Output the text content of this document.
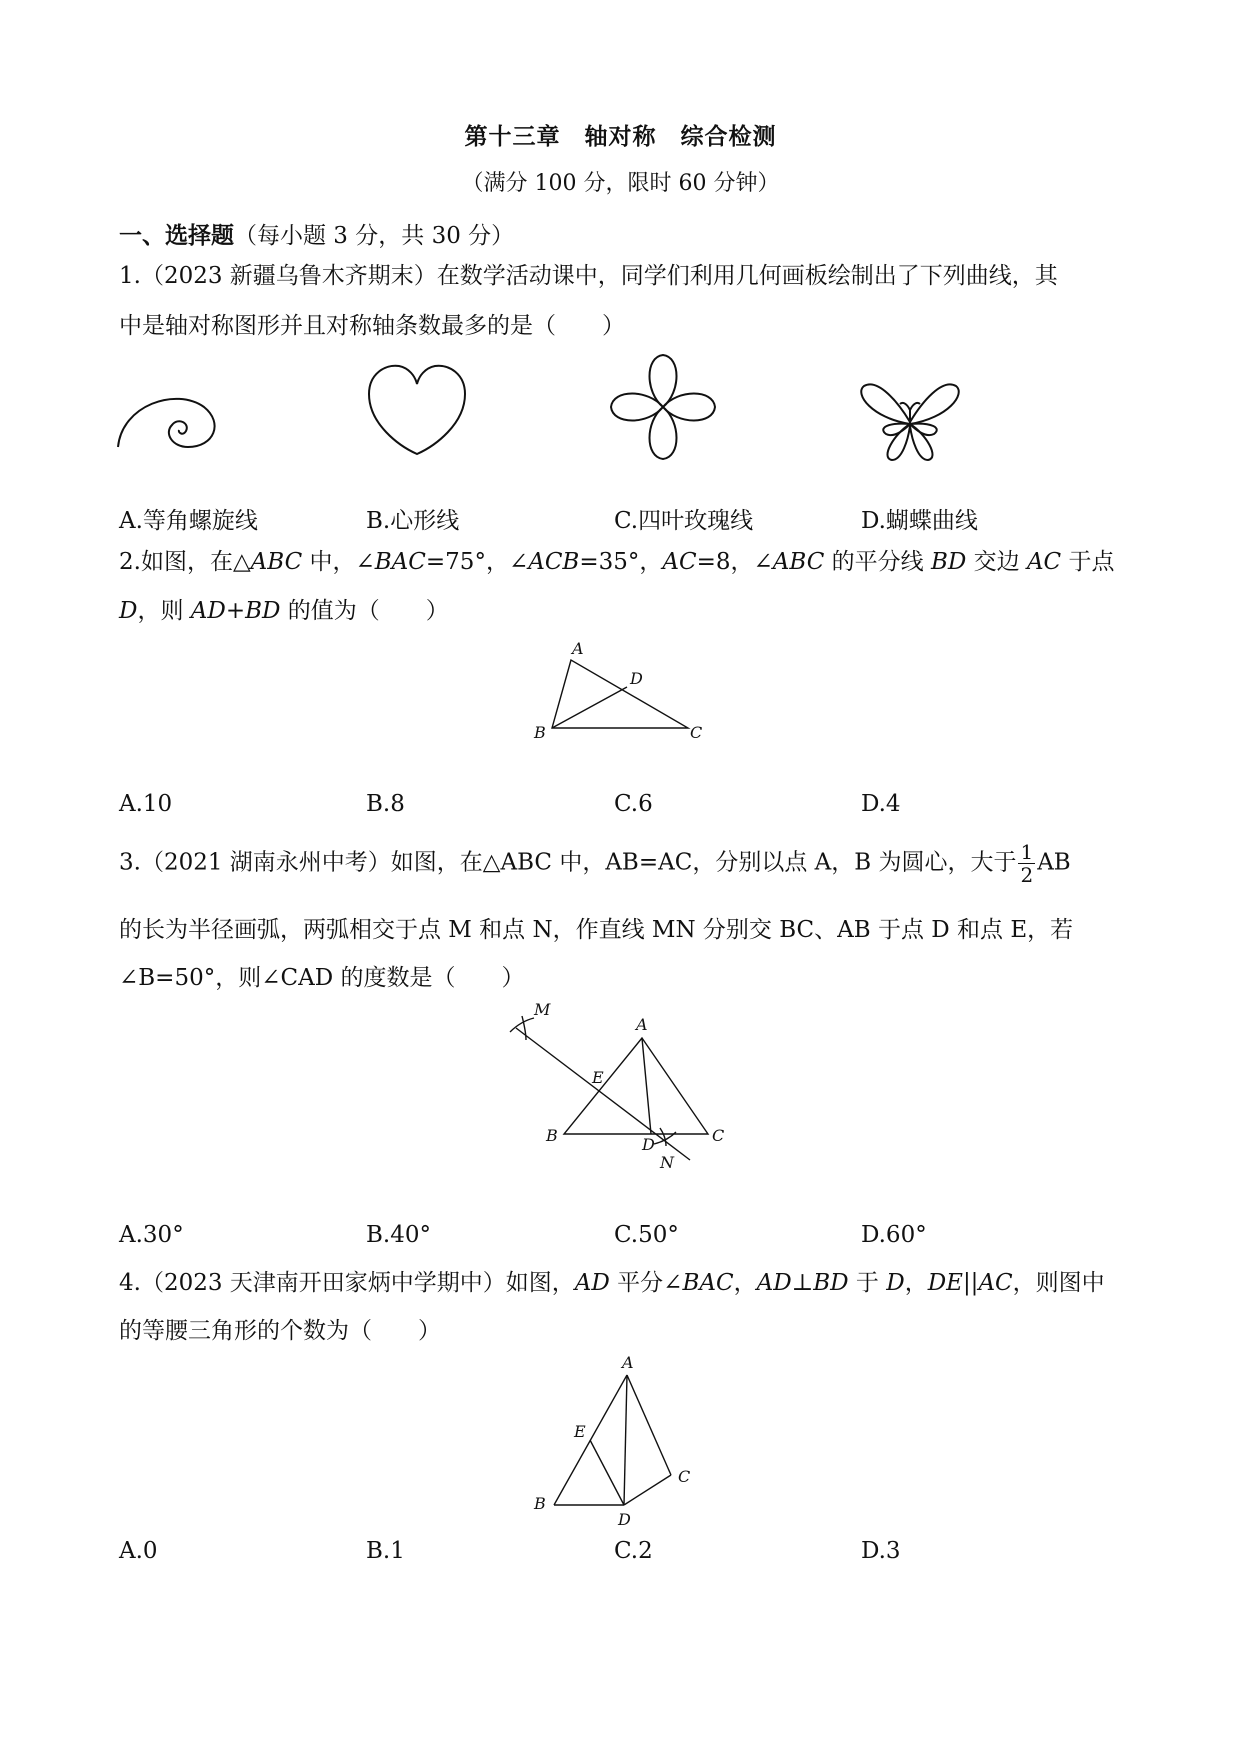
第十三章　轴对称　综合检测
（满分 100 分，限时 60 分钟）
一、选择题（每小题 3 分，共 30 分）
1.（2023 新疆乌鲁木齐期末）在数学活动课中，同学们利用几何画板绘制出了下列曲线，其
中是轴对称图形并且对称轴条数最多的是（　　）
A.等角螺旋线	B.心形线	C.四叶玫瑰线	D.蝴蝶曲线
2.如图，在△ABC 中，∠BAC=75°，∠ACB=35°，AC=8，∠ABC 的平分线 BD 交边 AC 于点
D，则 AD+BD 的值为（　　）
A
D
B	C
A.10	B.8	C.6	D.4
3.（2021 湖南永州中考）如图，在△ABC 中，AB=AC，分别以点 A，B 为圆心，大于 $\frac{1}{2}$ AB
的长为半径画弧，两弧相交于点 M 和点 N，作直线 MN 分别交 BC、AB 于点 D 和点 E，若
∠B=50°，则∠CAD 的度数是（　　）
M
A
E
B	D	C
N
A.30°	B.40°	C.50°	D.60°
4.（2023 天津南开田家炳中学期中）如图，AD 平分∠BAC，AD⊥BD 于 D，DE||AC，则图中
的等腰三角形的个数为（　　）
A
E
C
B
D
A.0	B.1	C.2	D.3
